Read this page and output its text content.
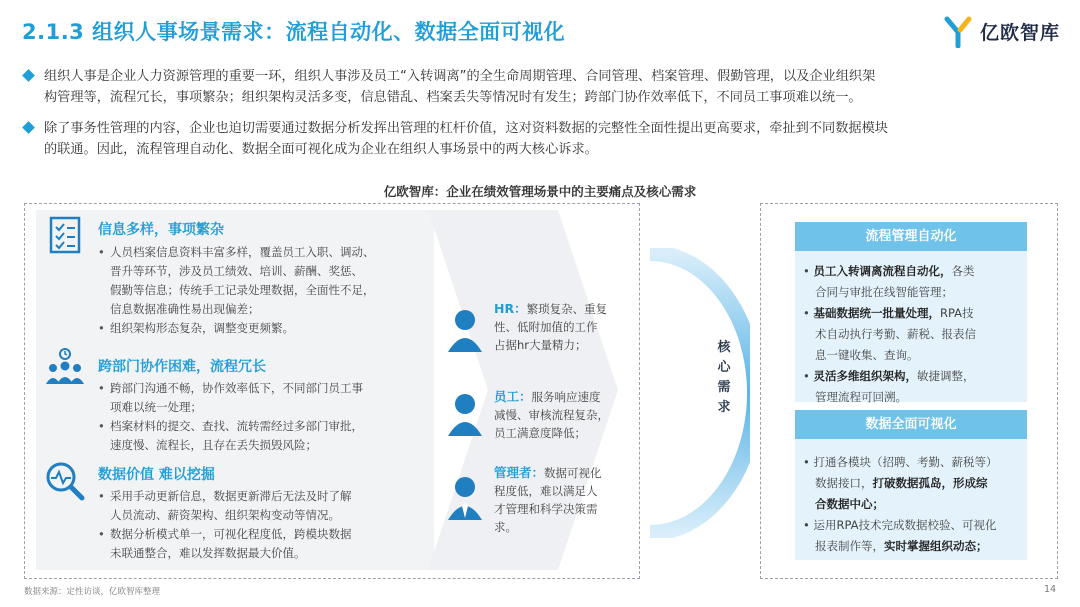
2.1.3 组织人事场景需求：流程自动化、数据全面可视化	亿欧智库
组织人事是企业人力资源管理的重要一环，组织人事涉及员工“入转调离”的全生命周期管理、合同管理、档案管理、假勤管理，以及企业组织架
构管理等，流程冗长，事项繁杂；组织架构灵活多变，信息错乱、档案丢失等情况时有发生；跨部门协作效率低下，不同员工事项难以统一。
除了事务性管理的内容，企业也迫切需要通过数据分析发挥出管理的杠杆价值，这对资料数据的完整性全面性提出更高要求，牵扯到不同数据模块
的联通。因此，流程管理自动化、数据全面可视化成为企业在组织人事场景中的两大核心诉求。
亿欧智库：企业在绩效管理场景中的主要痛点及核心需求
核心需求
信息多样，事项繁杂
• 人员档案信息资料丰富多样，覆盖员工入职、调动、
晋升等环节，涉及员工绩效、培训、薪酬、奖惩、
假勤等信息；传统手工记录处理数据，全面性不足，
信息数据准确性易出现偏差；
• 组织架构形态复杂，调整变更频繁。
跨部门协作困难，流程冗长
• 跨部门沟通不畅，协作效率低下，不同部门员工事
项难以统一处理；
• 档案材料的提交、查找、流转需经过多部门审批，
速度慢、流程长，且存在丢失损毁风险；
数据价值 难以挖掘
• 采用手动更新信息，数据更新滞后无法及时了解
人员流动、薪资架构、组织架构变动等情况。
• 数据分析模式单一，可视化程度低，跨模块数据
未联通整合，难以发挥数据最大价值。
HR：繁琐复杂、重复
性、低附加值的工作
占据hr大量精力；
员工：服务响应速度
减慢、审核流程复杂，
员工满意度降低；
管理者：数据可视化
程度低，难以满足人
才管理和科学决策需
求。
流程管理自动化
• 员工入转调离流程自动化，各类
合同与审批在线智能管理；
• 基础数据统一批量处理，RPA技
术自动执行考勤、薪税、报表信
息一键收集、查询。
• 灵活多维组织架构，敏捷调整，
管理流程可回溯。
数据全面可视化
• 打通各模块（招聘、考勤、薪税等）
数据接口，打破数据孤岛，形成综
合数据中心；
• 运用RPA技术完成数据校验、可视化
报表制作等，实时掌握组织动态；
数据来源：定性访谈，亿欧智库整理	14
